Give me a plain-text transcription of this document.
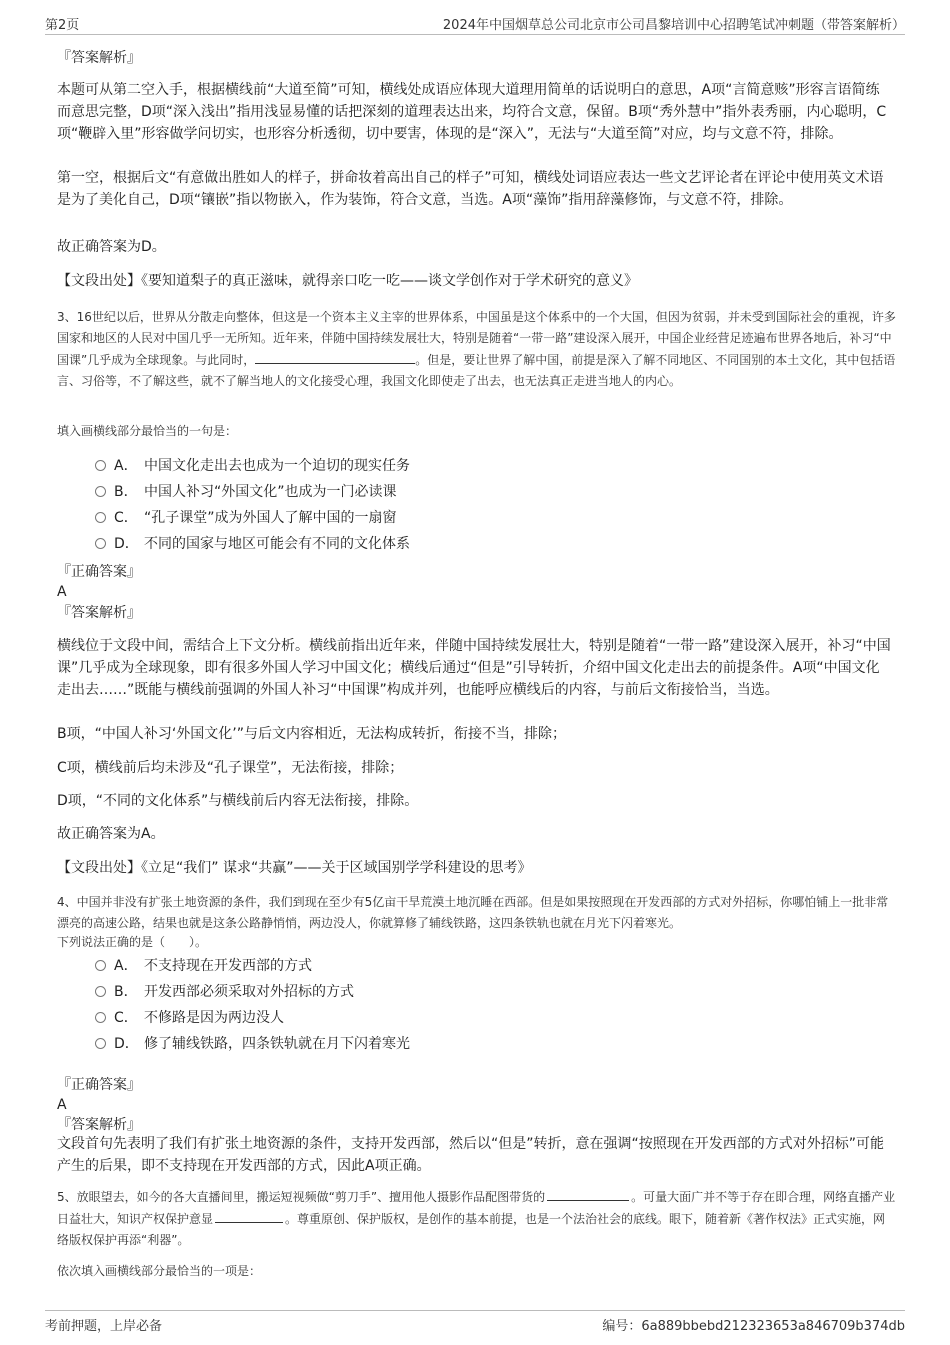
第2页	2024年中国烟草总公司北京市公司昌黎培训中心招聘笔试冲刺题（带答案解析）
『答案解析』

本题可从第二空入手，根据横线前“大道至简”可知，横线处成语应体现大道理用简单的话说明白的意思，A项“言简意赅”形容言语简练而意思完整，D项“深入浅出”指用浅显易懂的话把深刻的道理表达出来，均符合文意，保留。B项“秀外慧中”指外表秀丽，内心聪明，C项“鞭辟入里”形容做学问切实，也形容分析透彻，切中要害，体现的是“深入”，无法与“大道至简”对应，均与文意不符，排除。

第一空，根据后文“有意做出胜如人的样子，拼命妆着高出自己的样子”可知，横线处词语应表达一些文艺评论者在评论中使用英文术语是为了美化自己，D项“镶嵌”指以物嵌入，作为装饰，符合文意，当选。A项“藻饰”指用辞藻修饰，与文意不符，排除。

故正确答案为D。

【文段出处】《要知道梨子的真正滋味，就得亲口吃一吃——谈文学创作对于学术研究的意义》

3、16世纪以后，世界从分散走向整体，但这是一个资本主义主宰的世界体系，中国虽是这个体系中的一个大国，但因为贫弱，并未受到国际社会的重视，许多国家和地区的人民对中国几乎一无所知。近年来，伴随中国持续发展壮大，特别是随着“一带一路”建设深入展开，中国企业经营足迹遍布世界各地后，补习“中国课”几乎成为全球现象。与此同时，	。但是，要让世界了解中国，前提是深入了解不同地区、不同国别的本土文化，其中包括语言、习俗等，不了解这些，就不了解当地人的文化接受心理，我国文化即使走了出去，也无法真正走进当地人的内心。

填入画横线部分最恰当的一句是：

A． 中国文化走出去也成为一个迫切的现实任务
B． 中国人补习“外国文化”也成为一门必读课
C． “孔子课堂”成为外国人了解中国的一扇窗
D． 不同的国家与地区可能会有不同的文化体系
『正确答案』
A
『答案解析』

横线位于文段中间，需结合上下文分析。横线前指出近年来，伴随中国持续发展壮大，特别是随着“一带一路”建设深入展开，补习“中国课”几乎成为全球现象，即有很多外国人学习中国文化；横线后通过“但是”引导转折，介绍中国文化走出去的前提条件。A项“中国文化走出去……”既能与横线前强调的外国人补习“中国课”构成并列，也能呼应横线后的内容，与前后文衔接恰当，当选。

B项，“中国人补习‘外国文化’”与后文内容相近，无法构成转折，衔接不当，排除；

C项，横线前后均未涉及“孔子课堂”，无法衔接，排除；

D项，“不同的文化体系”与横线前后内容无法衔接，排除。

故正确答案为A。

【文段出处】《立足“我们” 谋求“共赢”——关于区域国别学学科建设的思考》

4、中国并非没有扩张土地资源的条件，我们到现在至少有5亿亩干旱荒漠土地沉睡在西部。但是如果按照现在开发西部的方式对外招标，你哪怕铺上一批非常漂亮的高速公路，结果也就是这条公路静悄悄，两边没人，你就算修了辅线铁路，这四条铁轨也就在月光下闪着寒光。

下列说法正确的是（　　）。

A． 不支持现在开发西部的方式
B． 开发西部必须采取对外招标的方式
C． 不修路是因为两边没人
D． 修了辅线铁路，四条铁轨就在月下闪着寒光
『正确答案』
A
『答案解析』

文段首句先表明了我们有扩张土地资源的条件，支持开发西部，然后以“但是”转折，意在强调“按照现在开发西部的方式对外招标”可能产生的后果，即不支持现在开发西部的方式，因此A项正确。

5、放眼望去，如今的各大直播间里，搬运短视频做“剪刀手”、擅用他人摄影作品配图带货的	。可量大面广并不等于存在即合理，网络直播产业日益壮大，知识产权保护意显	。尊重原创、保护版权，是创作的基本前提，也是一个法治社会的底线。眼下，随着新《著作权法》正式实施，网络版权保护再添“利器”。

依次填入画横线部分最恰当的一项是：

考前押题，上岸必备	编号：6a889bbebd212323653a846709b374db
